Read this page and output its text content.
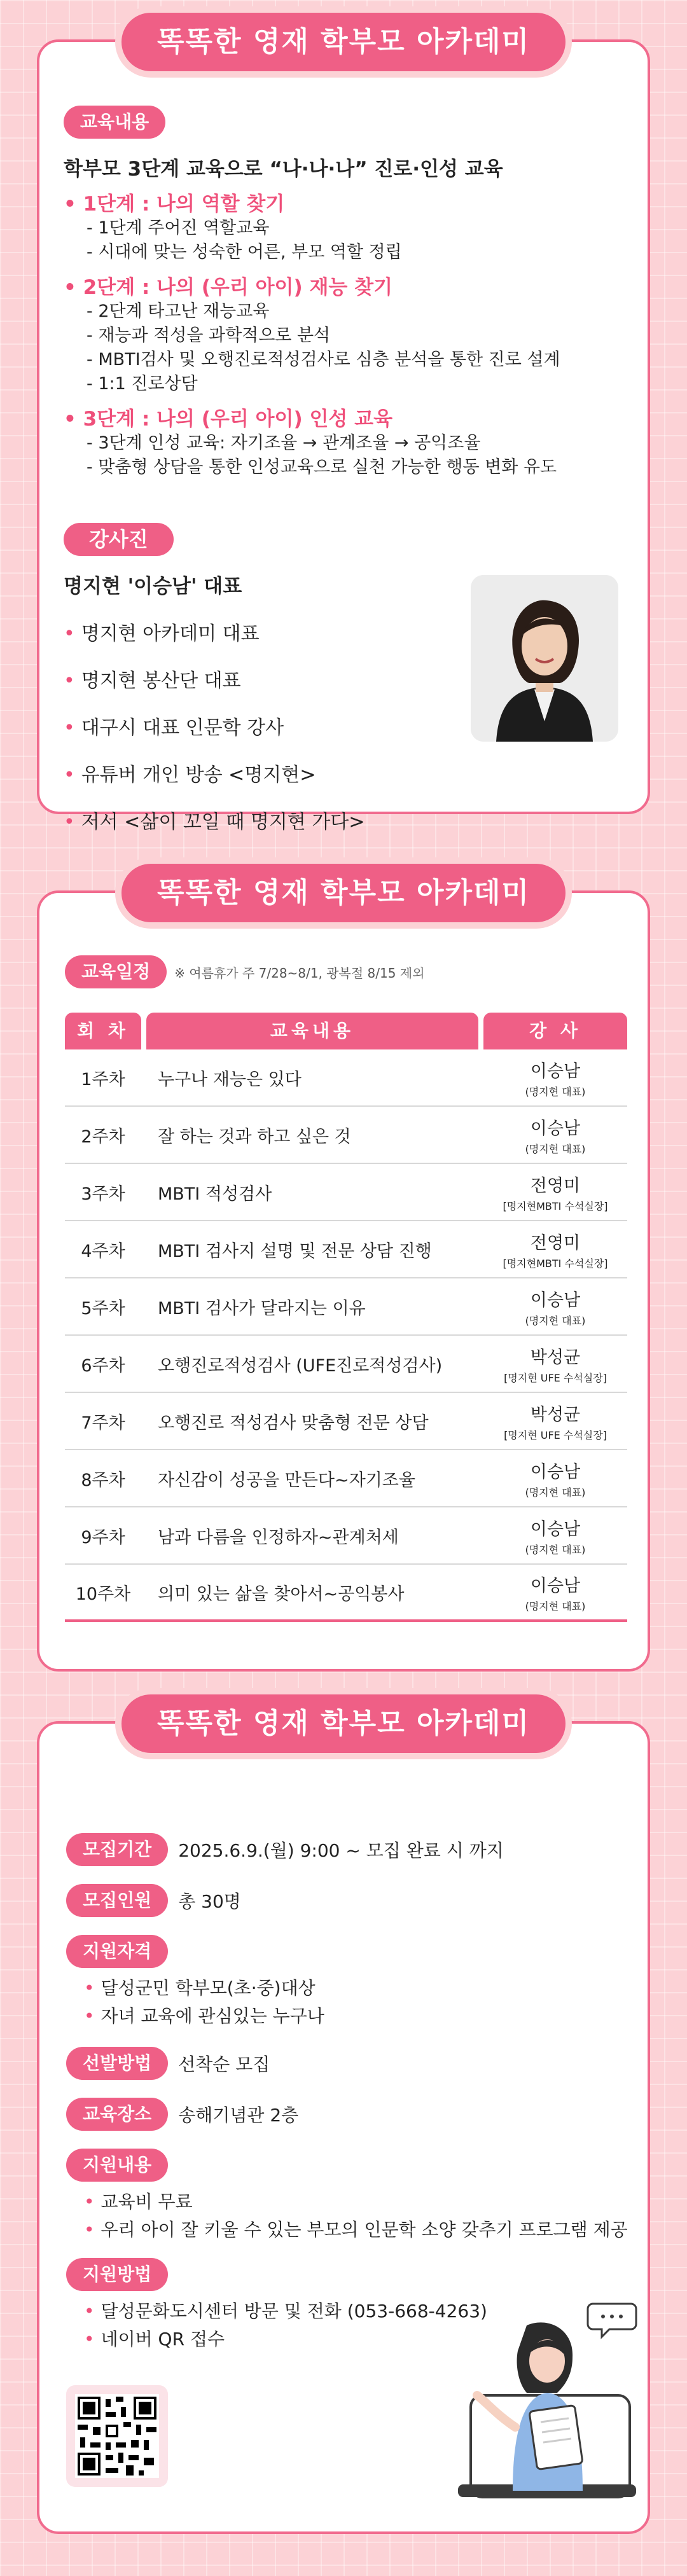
똑똑한 영재 학부모 아카데미
교육내용
학부모 3단계 교육으로 “나·나·나” 진로·인성 교육
• 1단계 : 나의 역할 찾기
- 1단계 주어진 역할교육
- 시대에 맞는 성숙한 어른, 부모 역할 정립
• 2단계 : 나의 (우리 아이) 재능 찾기
- 2단계 타고난 재능교육
- 재능과 적성을 과학적으로 분석
- MBTI검사 및 오행진로적성검사로 심층 분석을 통한 진로 설계
- 1:1 진로상담
• 3단계 : 나의 (우리 아이) 인성 교육
- 3단계 인성 교육: 자기조율 → 관계조율 → 공익조율
- 맞춤형 상담을 통한 인성교육으로 실천 가능한 행동 변화 유도
강사진
명지현 '이승남' 대표
• 명지현 아카데미 대표
• 명지현 봉산단 대표
• 대구시 대표 인문학 강사
• 유튜버 개인 방송 <명지현>
• 저서 <삶이 꼬일 때 명지현 가다>
똑똑한 영재 학부모 아카데미
교육일정	※ 여름휴가 주 7/28~8/1, 광복절 8/15 제외
회 차	교육내용	강 사
1주차	누구나 재능은 있다	이승남
(명지현 대표)
2주차	잘 하는 것과 하고 싶은 것	이승남
(명지현 대표)
3주차	MBTI 적성검사	전영미
[명지현MBTI 수석실장]
4주차	MBTI 검사지 설명 및 전문 상담 진행	전영미
[명지현MBTI 수석실장]
5주차	MBTI 검사가 달라지는 이유	이승남
(명지현 대표)
6주차	오행진로적성검사 (UFE진로적성검사)	박성균
[명지현 UFE 수석실장]
7주차	오행진로 적성검사 맞춤형 전문 상담	박성균
[명지현 UFE 수석실장]
8주차	자신감이 성공을 만든다~자기조율	이승남
(명지현 대표)
9주차	남과 다름을 인정하자~관계처세	이승남
(명지현 대표)
10주차	의미 있는 삶을 찾아서~공익봉사	이승남
(명지현 대표)
똑똑한 영재 학부모 아카데미
모집기간	2025.6.9.(월) 9:00 ~ 모집 완료 시 까지
모집인원	총 30명
지원자격
• 달성군민 학부모(초·중)대상
• 자녀 교육에 관심있는 누구나
선발방법	선착순 모집
교육장소	송해기념관 2층
지원내용
• 교육비 무료
• 우리 아이 잘 키울 수 있는 부모의 인문학 소양 갖추기 프로그램 제공
지원방법
• 달성문화도시센터 방문 및 전화 (053-668-4263)
• 네이버 QR 접수
